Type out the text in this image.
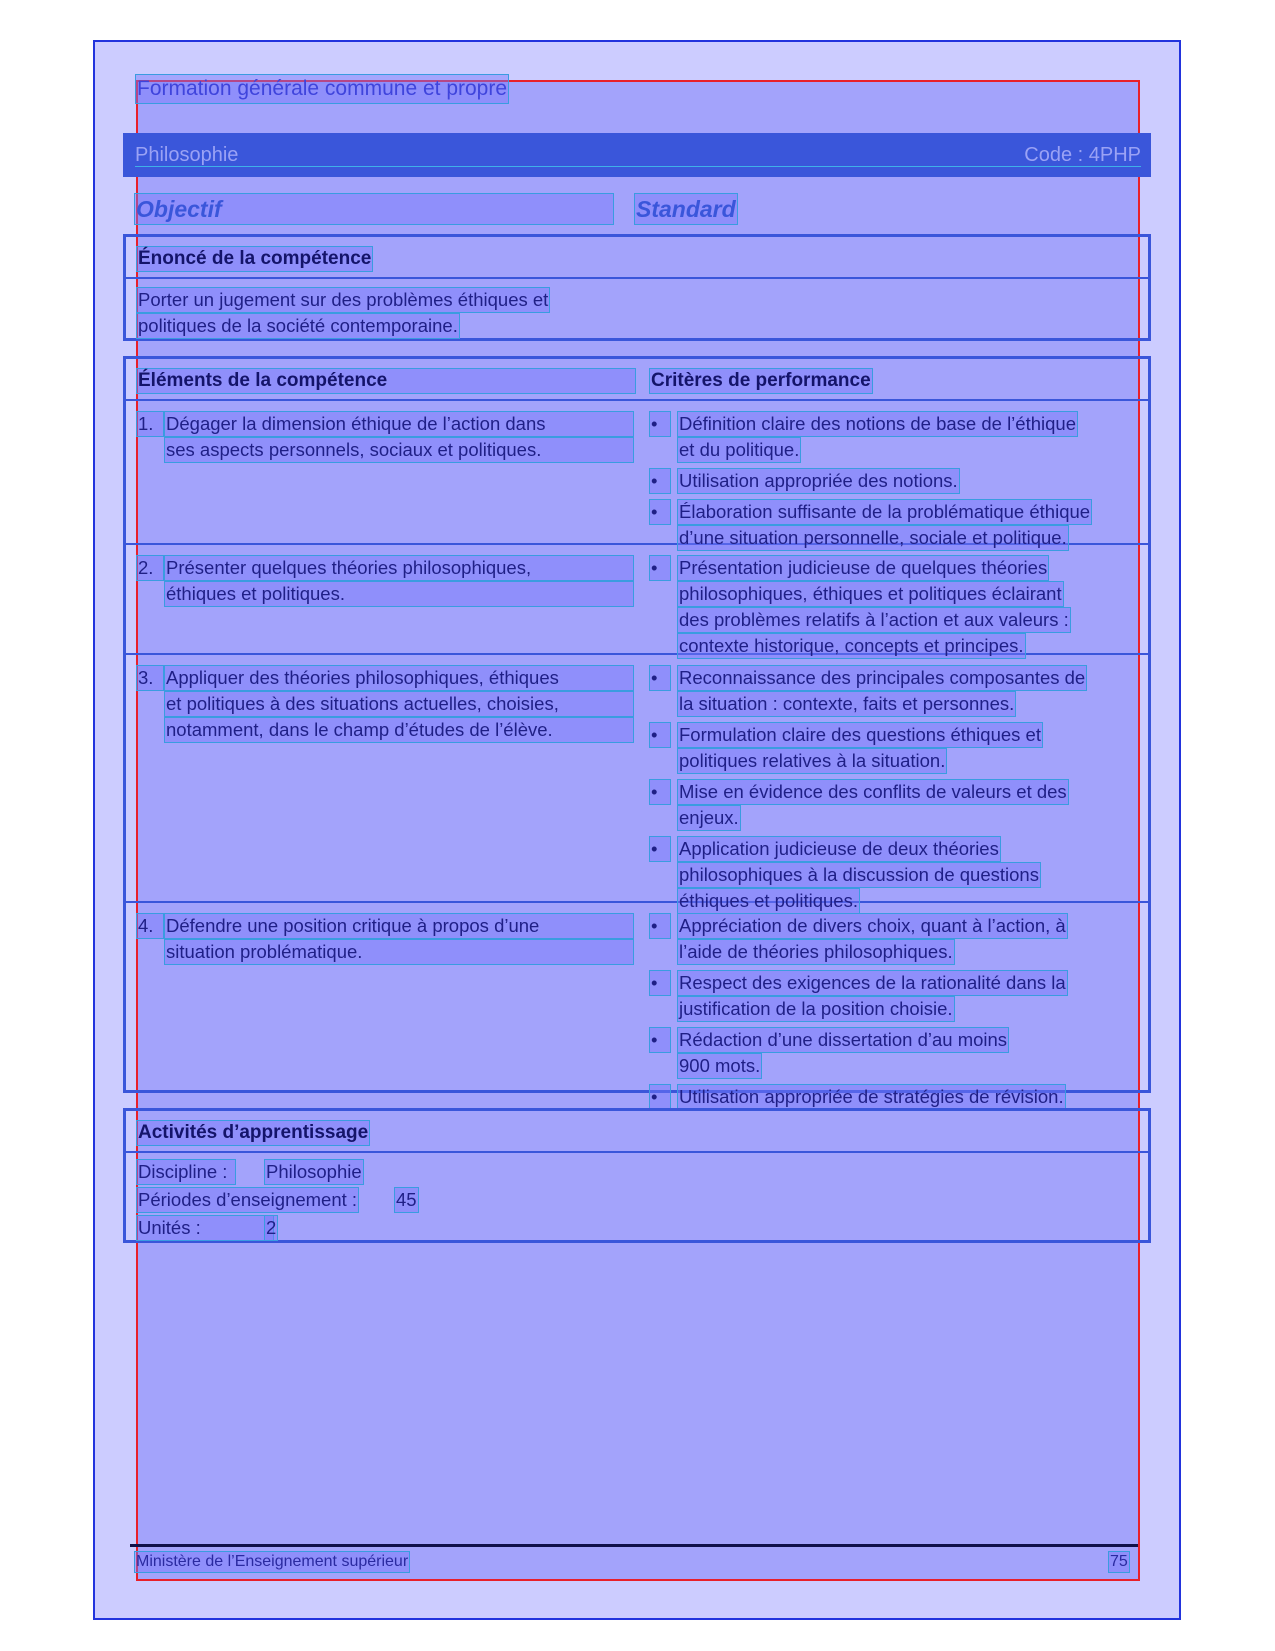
Formation générale commune et propre
Philosophie	Code : 4PHP
Objectif	Standard
Énoncé de la compétence
Porter un jugement sur des problèmes éthiques et
politiques de la société contemporaine.
Éléments de la compétence	Critères de performance
1. Dégager la dimension éthique de l’action dans
ses aspects personnels, sociaux et politiques.
•	Définition claire des notions de base de l’éthique
et du politique.
•	Utilisation appropriée des notions.
•	Élaboration suffisante de la problématique éthique
d’une situation personnelle, sociale et politique.
2. Présenter quelques théories philosophiques,
éthiques et politiques.
•	Présentation judicieuse de quelques théories
philosophiques, éthiques et politiques éclairant
des problèmes relatifs à l’action et aux valeurs :
contexte historique, concepts et principes.
3. Appliquer des théories philosophiques, éthiques
et politiques à des situations actuelles, choisies,
notamment, dans le champ d’études de l’élève.
•	Reconnaissance des principales composantes de
la situation : contexte, faits et personnes.
•	Formulation claire des questions éthiques et
politiques relatives à la situation.
•	Mise en évidence des conflits de valeurs et des
enjeux.
•	Application judicieuse de deux théories
philosophiques à la discussion de questions
éthiques et politiques.
4. Défendre une position critique à propos d’une
situation problématique.
•	Appréciation de divers choix, quant à l’action, à
l’aide de théories philosophiques.
•	Respect des exigences de la rationalité dans la
justification de la position choisie.
•	Rédaction d’une dissertation d’au moins
900 mots.
•	Utilisation appropriée de stratégies de révision.
Activités d’apprentissage
Discipline :	Philosophie
Périodes d’enseignement : 45
Unités :	2
Ministère de l’Enseignement supérieur	75
